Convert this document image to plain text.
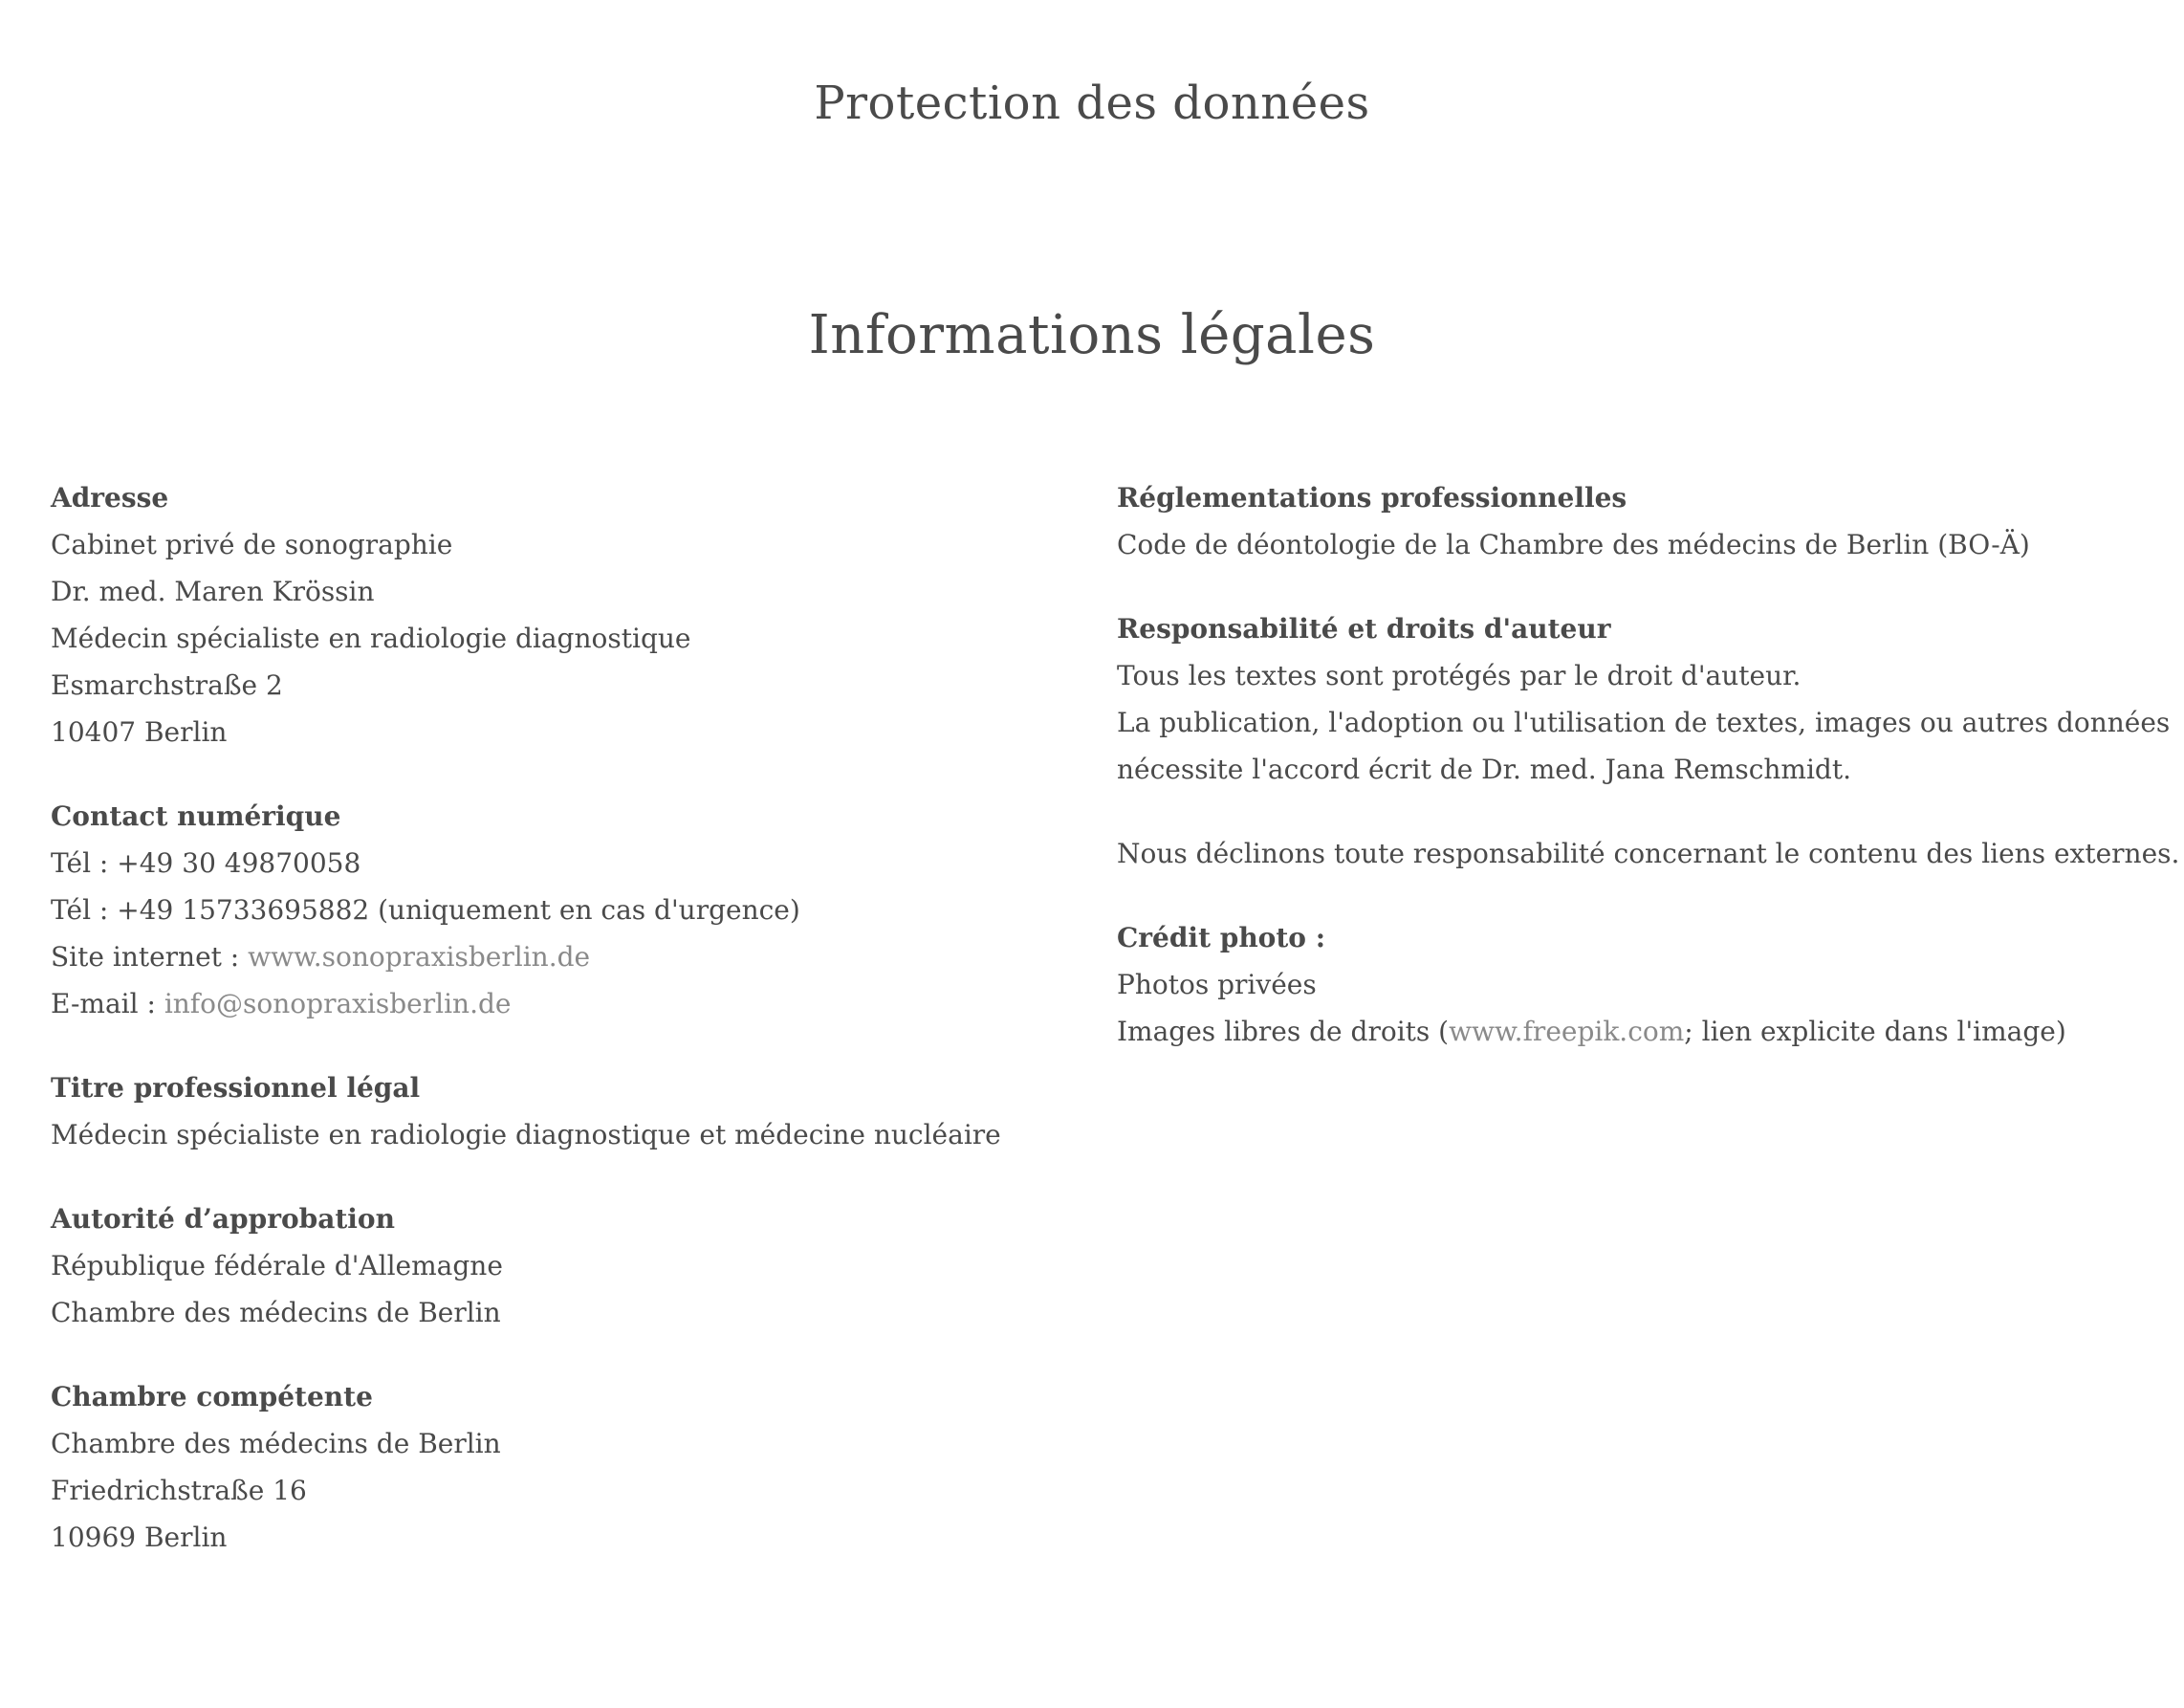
Protection des données
Informations légales
Adresse
Cabinet privé de sonographie
Dr. med. Maren Krössin
Médecin spécialiste en radiologie diagnostique
Esmarchstraße 2
10407 Berlin
Contact numérique
Tél : +49 30 49870058
Tél : +49 15733695882 (uniquement en cas d'urgence)
Site internet : www.sonopraxisberlin.de
E-mail : info@sonopraxisberlin.de
Titre professionnel légal
Médecin spécialiste en radiologie diagnostique et médecine nucléaire
Autorité d’approbation
République fédérale d'Allemagne
Chambre des médecins de Berlin
Chambre compétente
Chambre des médecins de Berlin
Friedrichstraße 16
10969 Berlin
Réglementations professionnelles
Code de déontologie de la Chambre des médecins de Berlin (BO-Ä)
Responsabilité et droits d'auteur
Tous les textes sont protégés par le droit d'auteur.
La publication, l'adoption ou l'utilisation de textes, images ou autres données
nécessite l'accord écrit de Dr. med. Jana Remschmidt.
Nous déclinons toute responsabilité concernant le contenu des liens externes.
Crédit photo :
Photos privées
Images libres de droits (www.freepik.com; lien explicite dans l'image)
